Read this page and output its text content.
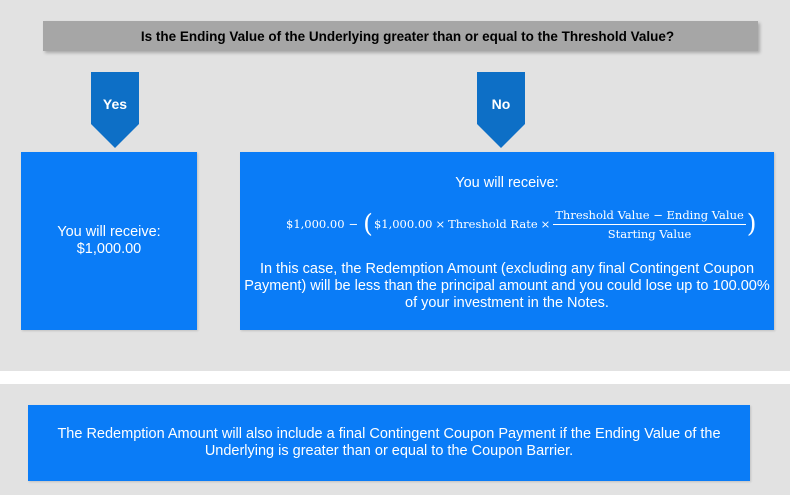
Is the Ending Value of the Underlying greater than or equal to the Threshold Value?
Yes	No
You will receive:
$1,000.00
You will receive:
$1,000.00 − ( $1,000.00 × Threshold Rate × $\frac{\text{Threshold Value − Ending Value}}{\text{Starting Value}}$ )
In this case, the Redemption Amount (excluding any final Contingent Coupon Payment) will be less than the principal amount and you could lose up to 100.00% of your investment in the Notes.
The Redemption Amount will also include a final Contingent Coupon Payment if the Ending Value of the Underlying is greater than or equal to the Coupon Barrier.
